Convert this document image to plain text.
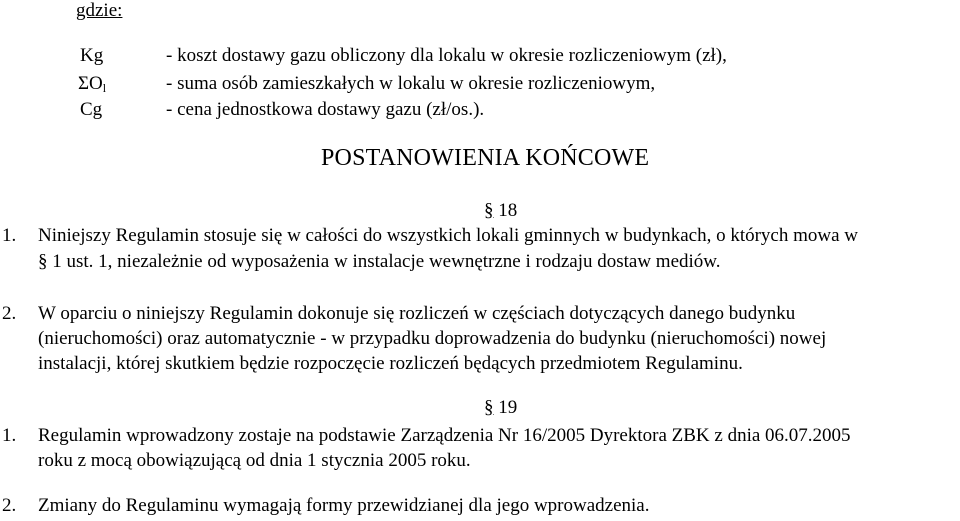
gdzie:
Kg	- koszt dostawy gazu obliczony dla lokalu w okresie rozliczeniowym (zł),
$\Sigma O_l$	- suma osób zamieszkałych w lokalu w okresie rozliczeniowym,
Cg	- cena jednostkowa dostawy gazu (zł/os.).
POSTANOWIENIA KOŃCOWE
§ 18
1. Niniejszy Regulamin stosuje się w całości do wszystkich lokali gminnych w budynkach, o których mowa w
§ 1 ust. 1, niezależnie od wyposażenia w instalacje wewnętrzne i rodzaju dostaw mediów.
2. W oparciu o niniejszy Regulamin dokonuje się rozliczeń w częściach dotyczących danego budynku
(nieruchomości) oraz automatycznie - w przypadku doprowadzenia do budynku (nieruchomości) nowej
instalacji, której skutkiem będzie rozpoczęcie rozliczeń będących przedmiotem Regulaminu.
§ 19
1. Regulamin wprowadzony zostaje na podstawie Zarządzenia Nr 16/2005 Dyrektora ZBK z dnia 06.07.2005
roku z mocą obowiązującą od dnia 1 stycznia 2005 roku.
2. Zmiany do Regulaminu wymagają formy przewidzianej dla jego wprowadzenia.
